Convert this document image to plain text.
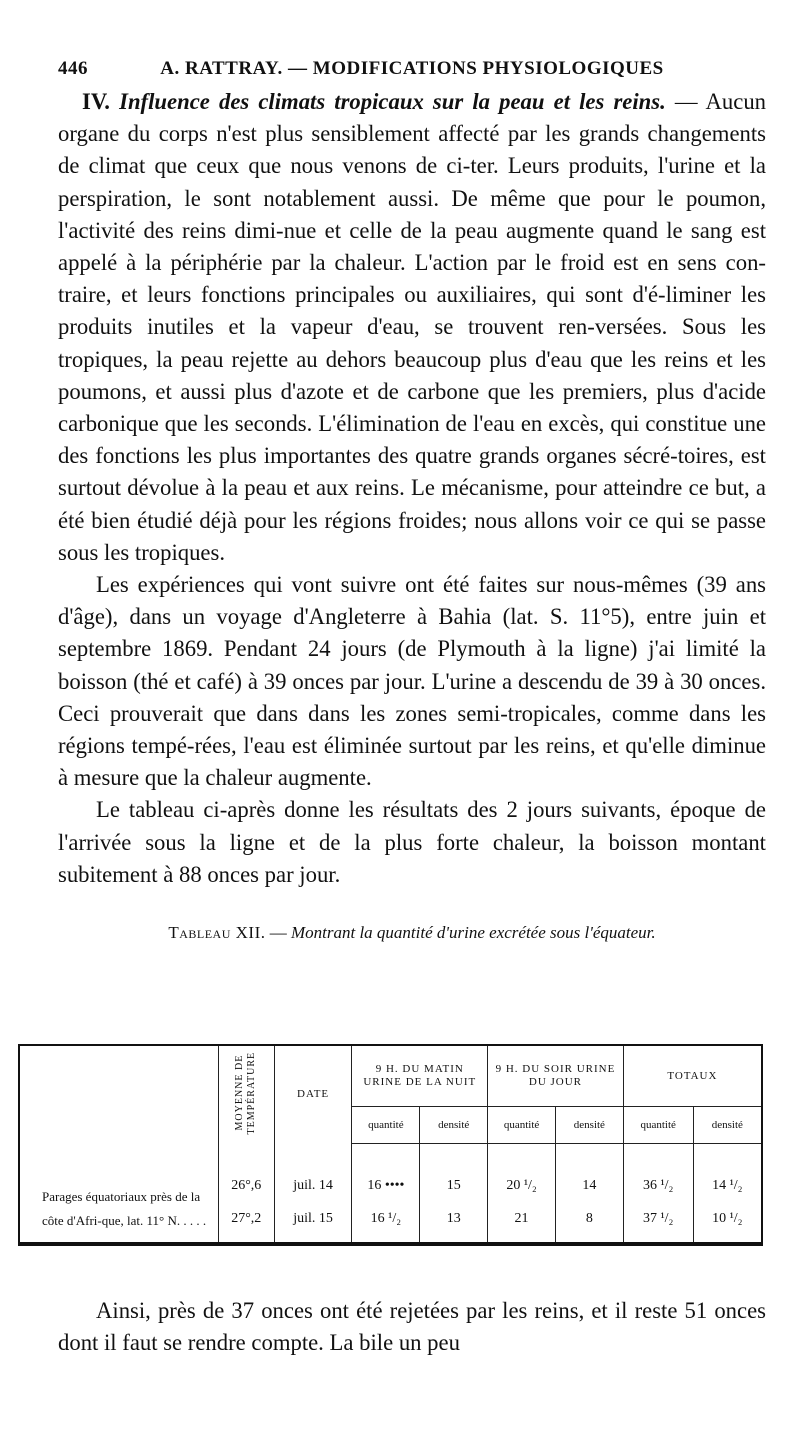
446	A. RATTRAY. — MODIFICATIONS PHYSIOLOGIQUES

IV. Influence des climats tropicaux sur la peau et les reins. — Aucun organe du corps n'est plus sensiblement affecté par les grands changements de climat que ceux que nous venons de ci-ter. Leurs produits, l'urine et la perspiration, le sont notablement aussi. De même que pour le poumon, l'activité des reins dimi-nue et celle de la peau augmente quand le sang est appelé à la périphérie par la chaleur. L'action par le froid est en sens con-traire, et leurs fonctions principales ou auxiliaires, qui sont d'é-liminer les produits inutiles et la vapeur d'eau, se trouvent ren-versées. Sous les tropiques, la peau rejette au dehors beaucoup plus d'eau que les reins et les poumons, et aussi plus d'azote et de carbone que les premiers, plus d'acide carbonique que les seconds. L'élimination de l'eau en excès, qui constitue une des fonctions les plus importantes des quatre grands organes sécré-toires, est surtout dévolue à la peau et aux reins. Le mécanisme, pour atteindre ce but, a été bien étudié déjà pour les régions froides; nous allons voir ce qui se passe sous les tropiques.

Les expériences qui vont suivre ont été faites sur nous-mêmes (39 ans d'âge), dans un voyage d'Angleterre à Bahia (lat. S. 11°5), entre juin et septembre 1869. Pendant 24 jours (de Plymouth à la ligne) j'ai limité la boisson (thé et café) à 39 onces par jour. L'urine a descendu de 39 à 30 onces. Ceci prouverait que dans dans les zones semi-tropicales, comme dans les régions tempé-rées, l'eau est éliminée surtout par les reins, et qu'elle diminue à mesure que la chaleur augmente.

Le tableau ci-après donne les résultats des 2 jours suivants, époque de l'arrivée sous la ligne et de la plus forte chaleur, la boisson montant subitement à 88 onces par jour.

Tableau XII. — Montrant la quantité d'urine excrétée sous l'équateur.
	MOYENNE DE TEMPÉRATURE	DATE	9 H. DU MATIN URINE DE LA NUIT		9 H. DU SOIR URINE DU JOUR		TOTAUX	
			quantité	densité	quantité	densité	quantité	densité

Parages équatoriaux près de la côte d'Afri-que, lat. 11° N. . . . .	26°,6	juil. 14	16 ••••	15	20 ¹/₂	14	36 ¹/₂	14 ¹/₂
	27°,2	juil. 15	16 ¹/₂	13	21	8	37 ¹/₂	10 ¹/₂

Ainsi, près de 37 onces ont été rejetées par les reins, et il reste 51 onces dont il faut se rendre compte. La bile un peu
